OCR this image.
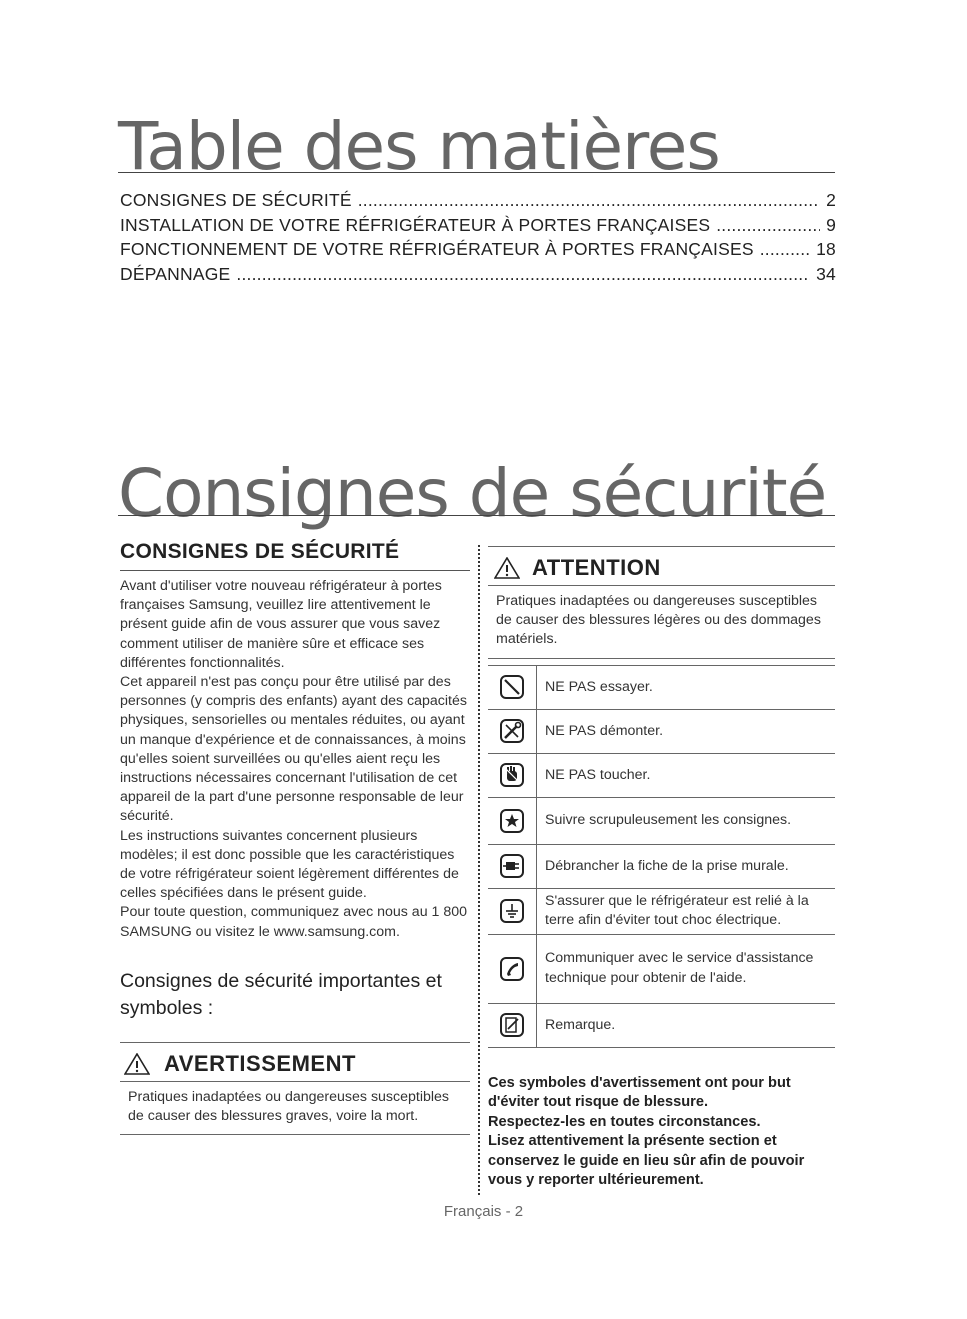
Table des matières
CONSIGNES DE SÉCURITÉ .....	2
INSTALLATION DE VOTRE RÉFRIGÉRATEUR À PORTES FRANÇAISES .....	9
FONCTIONNEMENT DE VOTRE RÉFRIGÉRATEUR À PORTES FRANÇAISES .....	18
DÉPANNAGE .....	34
Consignes de sécurité
CONSIGNES DE SÉCURITÉ

Avant d'utiliser votre nouveau réfrigérateur à portes françaises Samsung, veuillez lire attentivement le présent guide afin de vous assurer que vous savez comment utiliser de manière sûre et efficace ses différentes fonctionnalités.

Cet appareil n'est pas conçu pour être utilisé par des personnes (y compris des enfants) ayant des capacités physiques, sensorielles ou mentales réduites, ou ayant un manque d'expérience et de connaissances, à moins qu'elles soient surveillées ou qu'elles aient reçu les instructions nécessaires concernant l'utilisation de cet appareil de la part d'une personne responsable de leur sécurité.

Les instructions suivantes concernent plusieurs modèles; il est donc possible que les caractéristiques de votre réfrigérateur soient légèrement différentes de celles spécifiées dans le présent guide.

Pour toute question, communiquez avec nous au 1 800 SAMSUNG ou visitez le www.samsung.com.

Consignes de sécurité importantes et symboles :
AVERTISSEMENT
Pratiques inadaptées ou dangereuses susceptibles de causer des blessures graves, voire la mort.
ATTENTION
Pratiques inadaptées ou dangereuses susceptibles de causer des blessures légères ou des dommages matériels.
NE PAS essayer.
NE PAS démonter.
NE PAS toucher.
Suivre scrupuleusement les consignes.
Débrancher la fiche de la prise murale.
S'assurer que le réfrigérateur est relié à la terre afin d'éviter tout choc électrique.
Communiquer avec le service d'assistance technique pour obtenir de l'aide.
Remarque.

Ces symboles d'avertissement ont pour but d'éviter tout risque de blessure.

Respectez-les en toutes circonstances.

Lisez attentivement la présente section et conservez le guide en lieu sûr afin de pouvoir vous y reporter ultérieurement.

Français - 2
